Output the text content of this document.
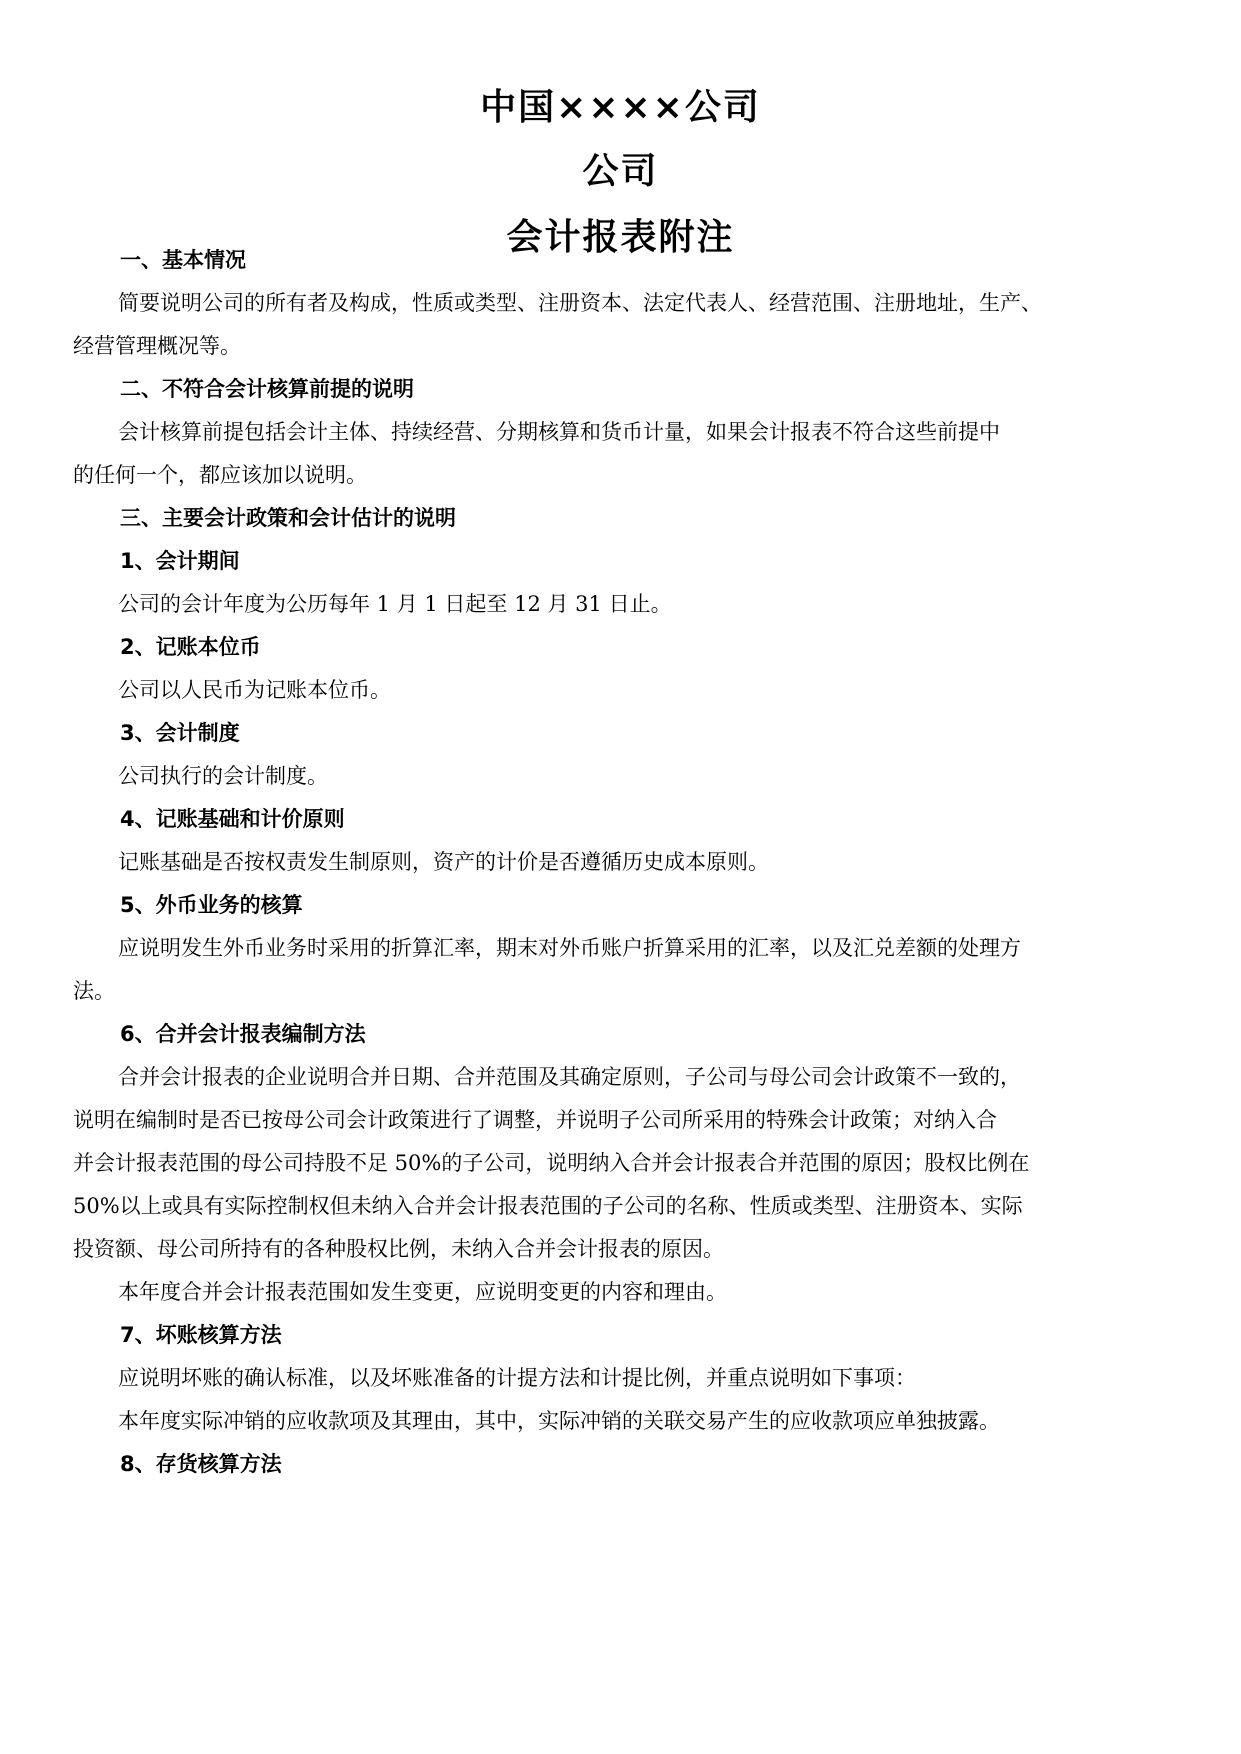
中国××××公司
公司
会计报表附注
一、基本情况
简要说明公司的所有者及构成，性质或类型、注册资本、法定代表人、经营范围、注册地址，生产、
经营管理概况等。
二、不符合会计核算前提的说明
会计核算前提包括会计主体、持续经营、分期核算和货币计量，如果会计报表不符合这些前提中
的任何一个，都应该加以说明。
三、主要会计政策和会计估计的说明
1、会计期间
公司的会计年度为公历每年 1 月 1 日起至 12 月 31 日止。
2、记账本位币
公司以人民币为记账本位币。
3、会计制度
公司执行的会计制度。
4、记账基础和计价原则
记账基础是否按权责发生制原则，资产的计价是否遵循历史成本原则。
5、外币业务的核算
应说明发生外币业务时采用的折算汇率，期末对外币账户折算采用的汇率，以及汇兑差额的处理方
法。
6、合并会计报表编制方法
合并会计报表的企业说明合并日期、合并范围及其确定原则，子公司与母公司会计政策不一致的，
说明在编制时是否已按母公司会计政策进行了调整，并说明子公司所采用的特殊会计政策；对纳入合
并会计报表范围的母公司持股不足 50%的子公司，说明纳入合并会计报表合并范围的原因；股权比例在
50%以上或具有实际控制权但未纳入合并会计报表范围的子公司的名称、性质或类型、注册资本、实际
投资额、母公司所持有的各种股权比例，未纳入合并会计报表的原因。
本年度合并会计报表范围如发生变更，应说明变更的内容和理由。
7、坏账核算方法
应说明坏账的确认标准，以及坏账准备的计提方法和计提比例，并重点说明如下事项：
本年度实际冲销的应收款项及其理由，其中，实际冲销的关联交易产生的应收款项应单独披露。
8、存货核算方法
